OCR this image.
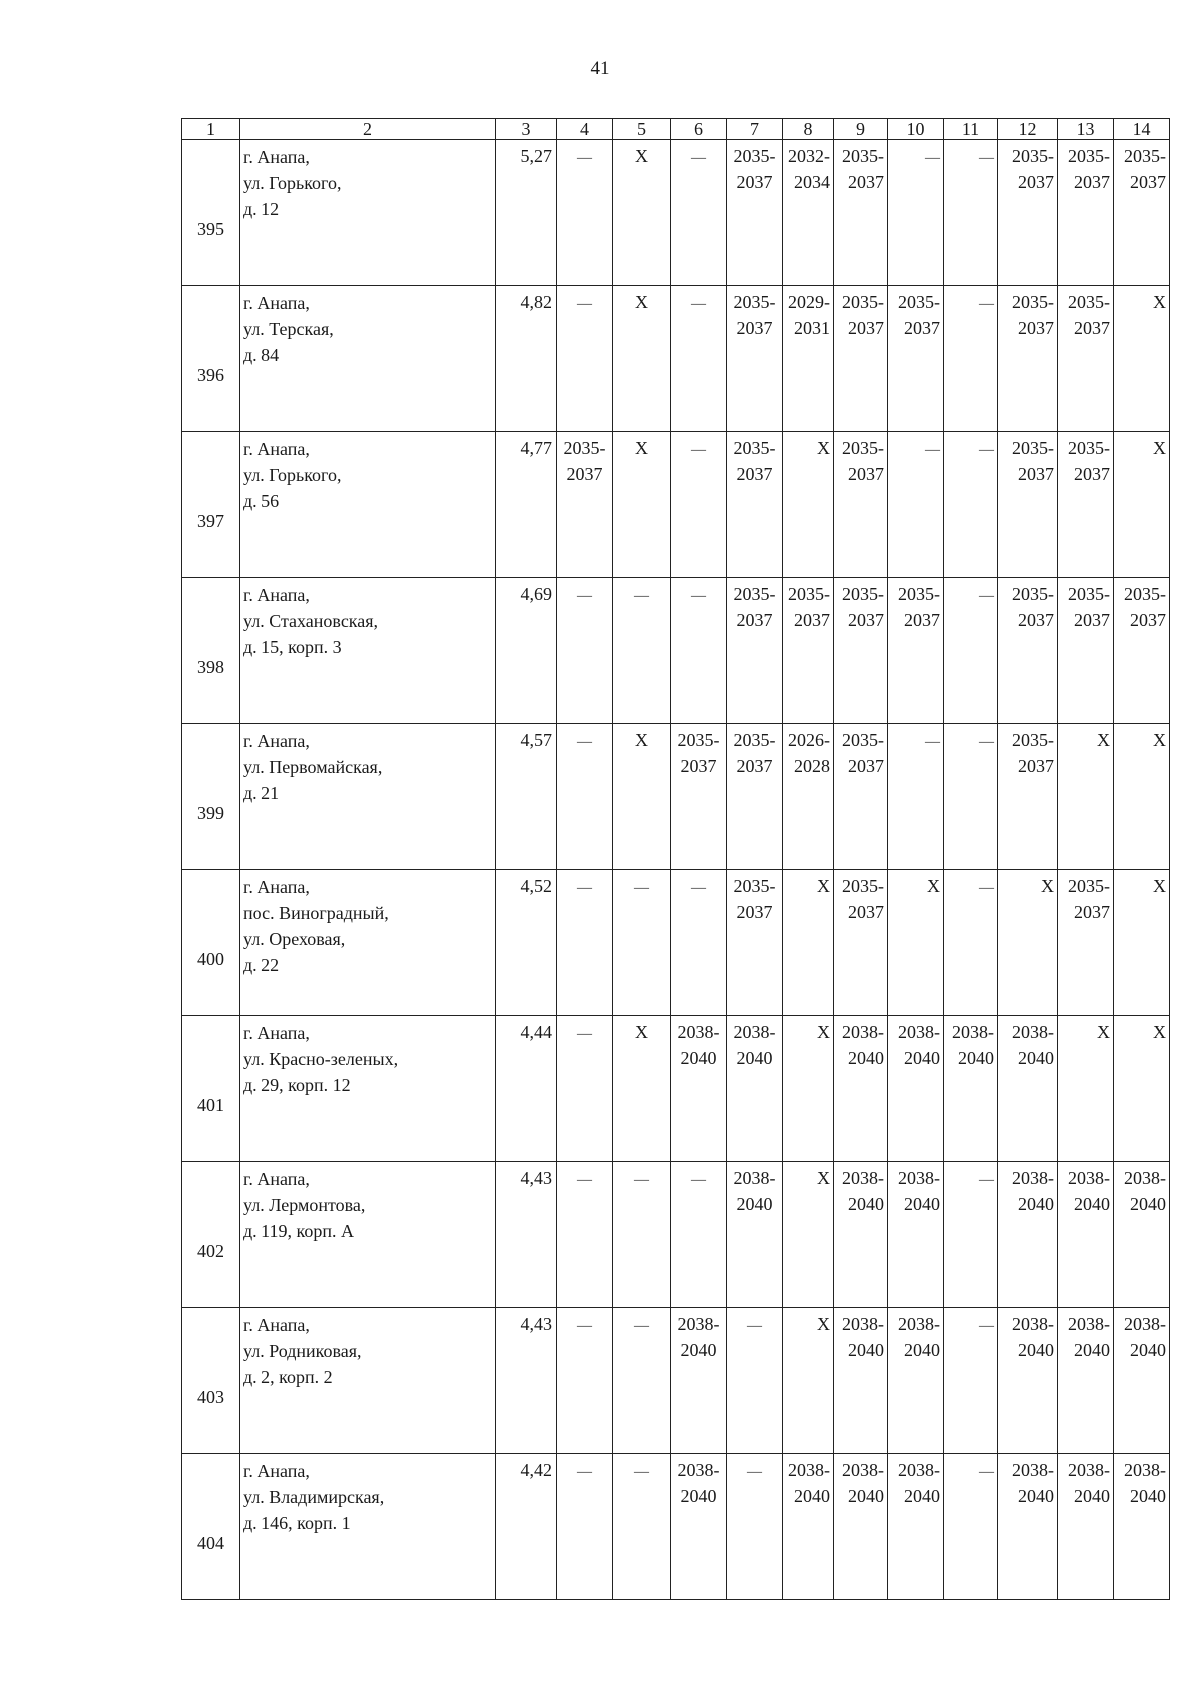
41
1	2	3	4	5	6	7	8	9	10	11	12	13	14

395	г. Анапа,
ул. Горького,
д. 12	5,27	—	Х	—	2035-
2037	2032-
2034	2035-
2037	—	—	2035-
2037	2035-
2037	2035-
2037

396	г. Анапа,
ул. Терская,
д. 84	4,82	—	Х	—	2035-
2037	2029-
2031	2035-
2037	2035-
2037	—	2035-
2037	2035-
2037	Х

397	г. Анапа,
ул. Горького,
д. 56	4,77	2035-
2037	Х	—	2035-
2037	Х	2035-
2037	—	—	2035-
2037	2035-
2037	Х

398	г. Анапа,
ул. Стахановская,
д. 15, корп. 3	4,69	—	—	—	2035-
2037	2035-
2037	2035-
2037	2035-
2037	—	2035-
2037	2035-
2037	2035-
2037

399	г. Анапа,
ул. Первомайская,
д. 21	4,57	—	Х	2035-
2037	2035-
2037	2026-
2028	2035-
2037	—	—	2035-
2037	Х	Х

400	г. Анапа,
пос. Виноградный,
ул. Ореховая,
д. 22	4,52	—	—	—	2035-
2037	Х	2035-
2037	Х	—	Х	2035-
2037	Х

401	г. Анапа,
ул. Красно-зеленых,
д. 29, корп. 12	4,44	—	Х	2038-
2040	2038-
2040	Х	2038-
2040	2038-
2040	2038-
2040	2038-
2040	Х	Х

402	г. Анапа,
ул. Лермонтова,
д. 119, корп. А	4,43	—	—	—	2038-
2040	Х	2038-
2040	2038-
2040	—	2038-
2040	2038-
2040	2038-
2040

403	г. Анапа,
ул. Родниковая,
д. 2, корп. 2	4,43	—	—	2038-
2040	—	Х	2038-
2040	2038-
2040	—	2038-
2040	2038-
2040	2038-
2040

404	г. Анапа,
ул. Владимирская,
д. 146, корп. 1	4,42	—	—	2038-
2040	—	2038-
2040	2038-
2040	2038-
2040	—	2038-
2040	2038-
2040	2038-
2040
